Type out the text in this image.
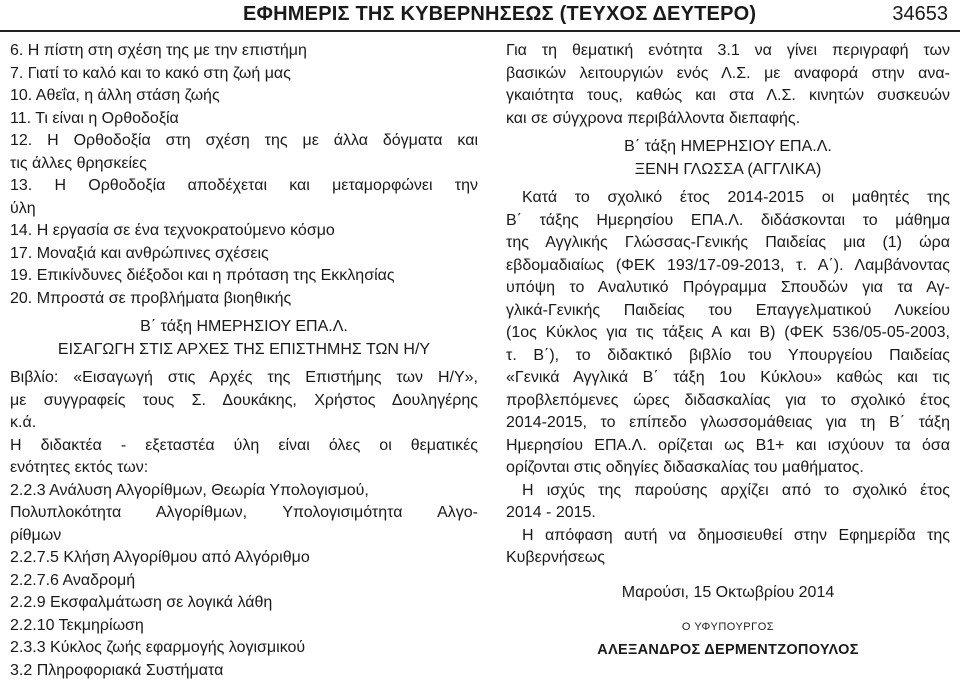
ΕΦΗΜΕΡΙΣ ΤΗΣ ΚΥΒΕΡΝΗΣΕΩΣ (ΤΕΥΧΟΣ ΔΕΥΤΕΡΟ)	34653
6. Η πίστη στη σχέση της με την επιστήμη
7. Γιατί το καλό και το κακό στη ζωή μας
10. Αθεΐα, η άλλη στάση ζωής
11. Τι είναι η Ορθοδοξία
12. Η Ορθοδοξία στη σχέση της με άλλα δόγματα και
τις άλλες θρησκείες
13. Η Ορθοδοξία αποδέχεται και μεταμορφώνει την
ύλη
14. Η εργασία σε ένα τεχνοκρατούμενο κόσμο
17. Μοναξιά και ανθρώπινες σχέσεις
19. Επικίνδυνες διέξοδοι και η πρόταση της Εκκλησίας
20. Μπροστά σε προβλήματα βιοηθικής
Β΄ τάξη ΗΜΕΡΗΣΙΟΥ ΕΠΑ.Λ.
ΕΙΣΑΓΩΓΗ ΣΤΙΣ ΑΡΧΕΣ ΤΗΣ ΕΠΙΣΤΗΜΗΣ ΤΩΝ Η/Υ
Βιβλίο: «Εισαγωγή στις Αρχές της Επιστήμης των Η/Υ»,
με συγγραφείς τους Σ. Δουκάκης, Χρήστος Δουληγέρης
κ.ά.
Η διδακτέα - εξεταστέα ύλη είναι όλες οι θεματικές
ενότητες εκτός των:
2.2.3 Ανάλυση Αλγορίθμων, Θεωρία Υπολογισμού,
Πολυπλοκότητα Αλγορίθμων, Υπολογισιμότητα Αλγο-
ρίθμων
2.2.7.5 Κλήση Αλγορίθμου από Αλγόριθμο
2.2.7.6 Αναδρομή
2.2.9 Εκσφαλμάτωση σε λογικά λάθη
2.2.10 Τεκμηρίωση
2.3.3 Κύκλος ζωής εφαρμογής λογισμικού
3.2 Πληροφοριακά Συστήματα
Για τη θεματική ενότητα 3.1 να γίνει περιγραφή των
βασικών λειτουργιών ενός Λ.Σ. με αναφορά στην ανα-
γκαιότητα τους, καθώς και στα Λ.Σ. κινητών συσκευών
και σε σύγχρονα περιβάλλοντα διεπαφής.
Β΄ τάξη ΗΜΕΡΗΣΙΟΥ ΕΠΑ.Λ.
ΞΕΝΗ ΓΛΩΣΣΑ (ΑΓΓΛΙΚΑ)
Κατά το σχολικό έτος 2014-2015 οι μαθητές της
Β΄ τάξης Ημερησίου ΕΠΑ.Λ. διδάσκονται το μάθημα
της Αγγλικής Γλώσσας-Γενικής Παιδείας μια (1) ώρα
εβδομαδιαίως (ΦΕΚ 193/17-09-2013, τ. Α΄). Λαμβάνοντας
υπόψη το Αναλυτικό Πρόγραμμα Σπουδών για τα Αγ-
γλικά-Γενικής Παιδείας του Επαγγελματικού Λυκείου
(1ος Κύκλος για τις τάξεις Α και Β) (ΦΕΚ 536/05-05-2003,
τ. Β΄), το διδακτικό βιβλίο του Υπουργείου Παιδείας
«Γενικά Αγγλικά Β΄ τάξη 1ου Κύκλου» καθώς και τις
προβλεπόμενες ώρες διδασκαλίας για το σχολικό έτος
2014-2015, το επίπεδο γλωσσομάθειας για τη Β΄ τάξη
Ημερησίου ΕΠΑ.Λ. ορίζεται ως Β1+ και ισχύουν τα όσα
ορίζονται στις οδηγίες διδασκαλίας του μαθήματος.
Η ισχύς της παρούσης αρχίζει από το σχολικό έτος
2014 - 2015.
Η απόφαση αυτή να δημοσιευθεί στην Εφημερίδα της
Κυβερνήσεως
Μαρούσι, 15 Οκτωβρίου 2014
Ο ΥΦΥΠΟΥΡΓΟΣ
ΑΛΕΞΑΝΔΡΟΣ ΔΕΡΜΕΝΤΖΟΠΟΥΛΟΣ
